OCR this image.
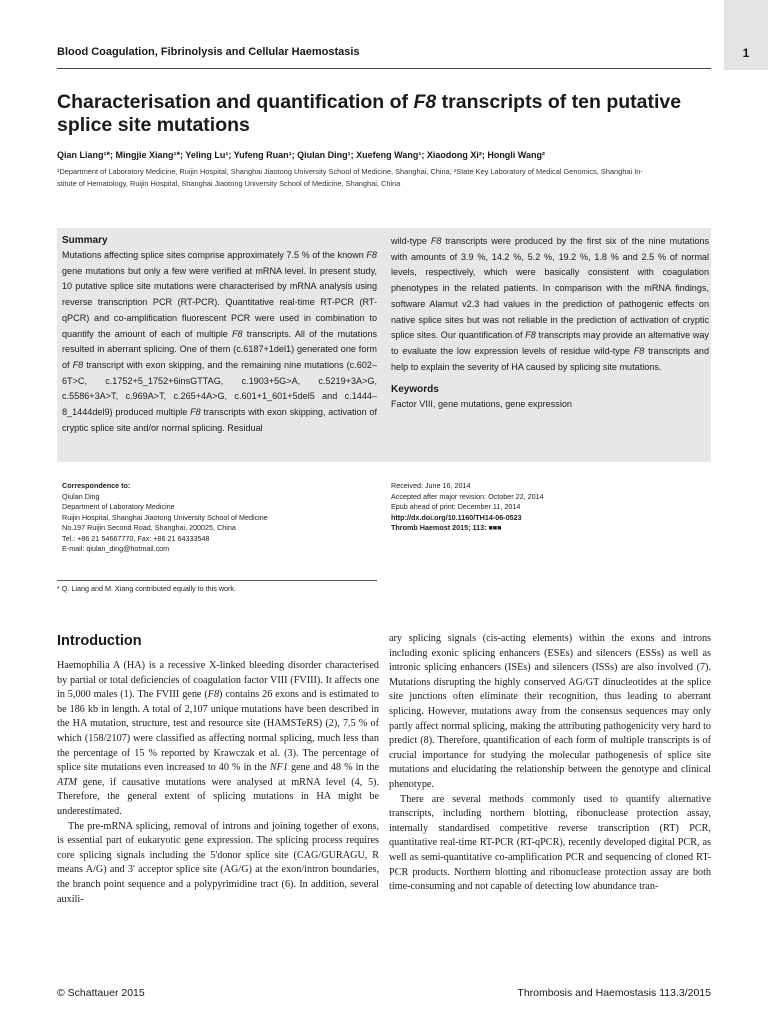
1
Blood Coagulation, Fibrinolysis and Cellular Haemostasis
Characterisation and quantification of F8 transcripts of ten putative splice site mutations
Qian Liang¹*; Mingjie Xiang¹*; Yeling Lu¹; Yufeng Ruan¹; Qiulan Ding¹; Xuefeng Wang¹; Xiaodong Xi²; Hongli Wang²
¹Department of Laboratory Medicine, Ruijin Hospital, Shanghai Jiaotong University School of Medicine, Shanghai, China; ²State Key Laboratory of Medical Genomics, Shanghai In-
stitute of Hematology, Ruijin Hospital, Shanghai Jiaotong University School of Medicine, Shanghai, China
Summary
Mutations affecting splice sites comprise approximately 7.5 % of the known F8 gene mutations but only a few were verified at mRNA level. In present study, 10 putative splice site mutations were characterised by mRNA analysis using reverse transcription PCR (RT-PCR). Quantitative real-time RT-PCR (RT-qPCR) and co-amplification fluorescent PCR were used in combination to quantify the amount of each of multiple F8 transcripts. All of the mutations resulted in aberrant splicing. One of them (c.6187+1del1) generated one form of F8 transcript with exon skipping, and the remaining nine mutations (c.602–6T>C, c.1752+5_1752+6insGTTAG, c.1903+5G>A, c.5219+3A>G, c.5586+3A>T, c.969A>T, c.265+4A>G, c.601+1_601+5del5 and c.1444–8_1444del9) produced multiple F8 transcripts with exon skipping, activation of cryptic splice site and/or normal splicing. Residual
wild-type F8 transcripts were produced by the first six of the nine mutations with amounts of 3.9 %, 14.2 %, 5.2 %, 19.2 %, 1.8 % and 2.5 % of normal levels, respectively, which were basically consistent with coagulation phenotypes in the related patients. In comparison with the mRNA findings, software Alamut v2.3 had values in the prediction of pathogenic effects on native splice sites but was not reliable in the prediction of activation of cryptic splice sites. Our quantification of F8 transcripts may provide an alternative way to evaluate the low expression levels of residue wild-type F8 transcripts and help to explain the severity of HA caused by splicing site mutations.
Keywords
Factor VIII, gene mutations, gene expression
Correspondence to:
Qiulan Ding
Department of Laboratory Medicine
Ruijin Hospital, Shanghai Jiaotong University School of Medicine
No.197 Ruijin Second Road, Shanghai, 200025, China
Tel.: +86 21 54667770, Fax: +86 21 64333548
E-mail: qiulan_ding@hotmail.com
Received: June 16, 2014
Accepted after major revision: October 22, 2014
Epub ahead of print: December 11, 2014
http://dx.doi.org/10.1160/TH14-06-0523
Thromb Haemost 2015; 113: ■■■
* Q. Liang and M. Xiang contributed equally to this work.
Introduction

Haemophilia A (HA) is a recessive X-linked bleeding disorder characterised by partial or total deficiencies of coagulation factor VIII (FVIII). It affects one in 5,000 males (1). The FVIII gene (F8) contains 26 exons and is estimated to be 186 kb in length. A total of 2,107 unique mutations have been described in the HA mutation, structure, test and resource site (HAMSTeRS) (2), 7.5 % of which (158/2107) were classified as affecting normal splicing, much less than the percentage of 15 % reported by Krawczak et al. (3). The percentage of splice site mutations even increased to 40 % in the NF1 gene and 48 % in the ATM gene, if causative mutations were analysed at mRNA level (4, 5). Therefore, the general extent of splicing mutations in HA might be underestimated.

The pre-mRNA splicing, removal of introns and joining together of exons, is essential part of eukaryotic gene expression. The splicing process requires core splicing signals including the 5'donor splice site (CAG/GURAGU, R means A/G) and 3' acceptor splice site (AG/G) at the exon/intron boundaries, the branch point sequence and a polypyrimidine tract (6). In addition, several auxili-

ary splicing signals (cis-acting elements) within the exons and introns including exonic splicing enhancers (ESEs) and silencers (ESSs) as well as intronic splicing enhancers (ISEs) and silencers (ISSs) are also involved (7). Mutations disrupting the highly conserved AG/GT dinucleotides at the splice site junctions often eliminate their recognition, thus leading to aberrant splicing. However, mutations away from the consensus sequences may only partly affect normal splicing, making the attributing pathogenicity very hard to predict (8). Therefore, quantification of each form of multiple transcripts is of crucial importance for studying the molecular pathogenesis of splice site mutations and elucidating the relationship between the genotype and clinical phenotype.

There are several methods commonly used to quantify alternative transcripts, including northern blotting, ribonuclease protection assay, internally standardised competitive reverse transcription (RT) PCR, quantitative real-time RT-PCR (RT-qPCR), recently developed digital PCR, as well as semi-quantitative co-amplification PCR and sequencing of cloned RT-PCR products. Northern blotting and ribonuclease protection assay are both time-consuming and not capable of detecting low abundance tran-

© Schattauer 2015	Thrombosis and Haemostasis 113.3/2015
